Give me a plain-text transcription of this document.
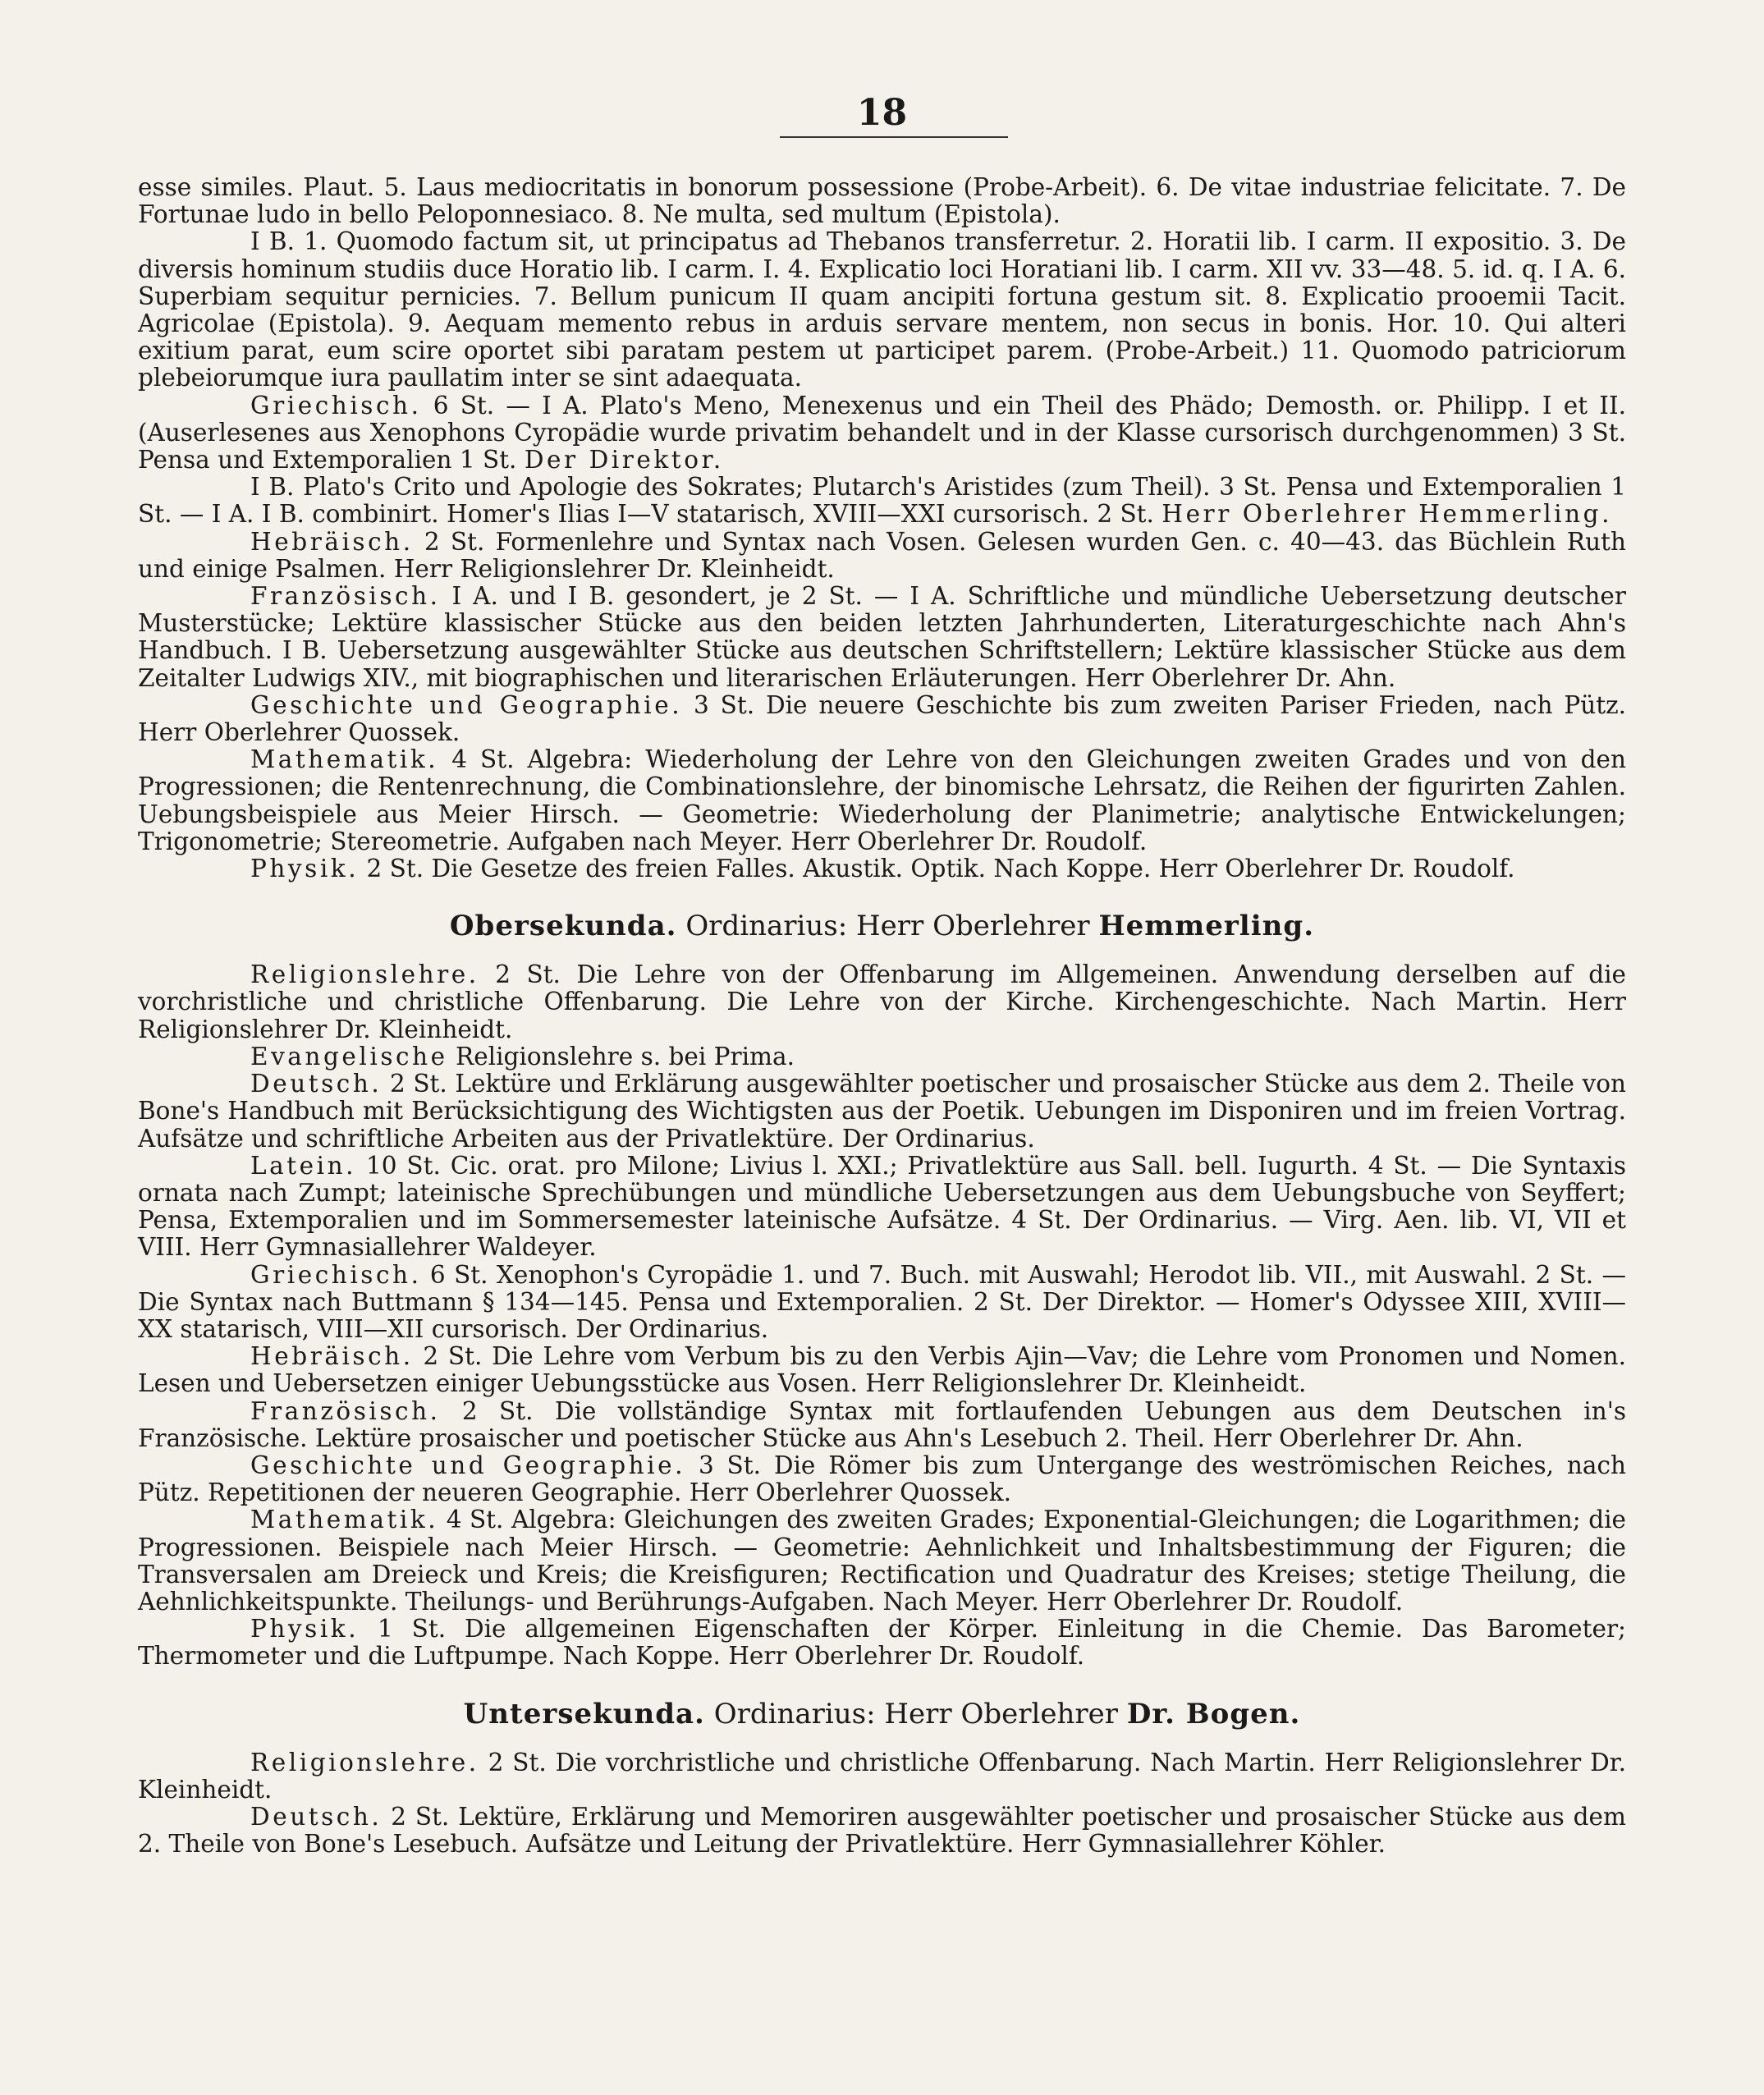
18

esse similes. Plaut. 5. Laus mediocritatis in bonorum possessione (Probe-Arbeit). 6. De vitae industriae felicitate. 7. De Fortunae ludo in bello Peloponnesiaco. 8. Ne multa, sed multum (Epistola).

I B. 1. Quomodo factum sit, ut principatus ad Thebanos transferretur. 2. Horatii lib. I carm. II expositio. 3. De diversis hominum studiis duce Horatio lib. I carm. I. 4. Explicatio loci Horatiani lib. I carm. XII vv. 33—48. 5. id. q. I A. 6. Superbiam sequitur pernicies. 7. Bellum punicum II quam ancipiti fortuna gestum sit. 8. Explicatio prooemii Tacit. Agricolae (Epistola). 9. Aequam memento rebus in arduis servare mentem, non secus in bonis. Hor. 10. Qui alteri exitium parat, eum scire oportet sibi paratam pestem ut participet parem. (Probe-Arbeit.) 11. Quomodo patriciorum plebeiorumque iura paullatim inter se sint adaequata.

Griechisch. 6 St. — I A. Plato's Meno, Menexenus und ein Theil des Phädo; Demosth. or. Philipp. I et II. (Auserlesenes aus Xenophons Cyropädie wurde privatim behandelt und in der Klasse cursorisch durchgenommen) 3 St. Pensa und Extemporalien 1 St. Der Direktor.

I B. Plato's Crito und Apologie des Sokrates; Plutarch's Aristides (zum Theil). 3 St. Pensa und Extemporalien 1 St. — I A. I B. combinirt. Homer's Ilias I—V statarisch, XVIII—XXI cursorisch. 2 St. Herr Oberlehrer Hemmerling.

Hebräisch. 2 St. Formenlehre und Syntax nach Vosen. Gelesen wurden Gen. c. 40—43. das Büchlein Ruth und einige Psalmen. Herr Religionslehrer Dr. Kleinheidt.

Französisch. I A. und I B. gesondert, je 2 St. — I A. Schriftliche und mündliche Uebersetzung deutscher Musterstücke; Lektüre klassischer Stücke aus den beiden letzten Jahrhunderten, Literaturgeschichte nach Ahn's Handbuch. I B. Uebersetzung ausgewählter Stücke aus deutschen Schriftstellern; Lektüre klassischer Stücke aus dem Zeitalter Ludwigs XIV., mit biographischen und literarischen Erläuterungen. Herr Oberlehrer Dr. Ahn.

Geschichte und Geographie. 3 St. Die neuere Geschichte bis zum zweiten Pariser Frieden, nach Pütz. Herr Oberlehrer Quossek.

Mathematik. 4 St. Algebra: Wiederholung der Lehre von den Gleichungen zweiten Grades und von den Progressionen; die Rentenrechnung, die Combinationslehre, der binomische Lehrsatz, die Reihen der figurirten Zahlen. Uebungsbeispiele aus Meier Hirsch. — Geometrie: Wiederholung der Planimetrie; analytische Entwickelungen; Trigonometrie; Stereometrie. Aufgaben nach Meyer. Herr Oberlehrer Dr. Roudolf.

Physik. 2 St. Die Gesetze des freien Falles. Akustik. Optik. Nach Koppe. Herr Oberlehrer Dr. Roudolf.

Obersekunda. Ordinarius: Herr Oberlehrer Hemmerling.

Religionslehre. 2 St. Die Lehre von der Offenbarung im Allgemeinen. Anwendung derselben auf die vorchristliche und christliche Offenbarung. Die Lehre von der Kirche. Kirchengeschichte. Nach Martin. Herr Religionslehrer Dr. Kleinheidt.

Evangelische Religionslehre s. bei Prima.

Deutsch. 2 St. Lektüre und Erklärung ausgewählter poetischer und prosaischer Stücke aus dem 2. Theile von Bone's Handbuch mit Berücksichtigung des Wichtigsten aus der Poetik. Uebungen im Disponiren und im freien Vortrag. Aufsätze und schriftliche Arbeiten aus der Privatlektüre. Der Ordinarius.

Latein. 10 St. Cic. orat. pro Milone; Livius l. XXI.; Privatlektüre aus Sall. bell. Iugurth. 4 St. — Die Syntaxis ornata nach Zumpt; lateinische Sprechübungen und mündliche Uebersetzungen aus dem Uebungsbuche von Seyffert; Pensa, Extemporalien und im Sommersemester lateinische Aufsätze. 4 St. Der Ordinarius. — Virg. Aen. lib. VI, VII et VIII. Herr Gymnasiallehrer Waldeyer.

Griechisch. 6 St. Xenophon's Cyropädie 1. und 7. Buch. mit Auswahl; Herodot lib. VII., mit Auswahl. 2 St. — Die Syntax nach Buttmann § 134—145. Pensa und Extemporalien. 2 St. Der Direktor. — Homer's Odyssee XIII, XVIII—XX statarisch, VIII—XII cursorisch. Der Ordinarius.

Hebräisch. 2 St. Die Lehre vom Verbum bis zu den Verbis Ajin—Vav; die Lehre vom Pronomen und Nomen. Lesen und Uebersetzen einiger Uebungsstücke aus Vosen. Herr Religionslehrer Dr. Kleinheidt.

Französisch. 2 St. Die vollständige Syntax mit fortlaufenden Uebungen aus dem Deutschen in's Französische. Lektüre prosaischer und poetischer Stücke aus Ahn's Lesebuch 2. Theil. Herr Oberlehrer Dr. Ahn.

Geschichte und Geographie. 3 St. Die Römer bis zum Untergange des weströmischen Reiches, nach Pütz. Repetitionen der neueren Geographie. Herr Oberlehrer Quossek.

Mathematik. 4 St. Algebra: Gleichungen des zweiten Grades; Exponential-Gleichungen; die Logarithmen; die Progressionen. Beispiele nach Meier Hirsch. — Geometrie: Aehnlichkeit und Inhaltsbestimmung der Figuren; die Transversalen am Dreieck und Kreis; die Kreisfiguren; Rectification und Quadratur des Kreises; stetige Theilung, die Aehnlichkeitspunkte. Theilungs- und Berührungs-Aufgaben. Nach Meyer. Herr Oberlehrer Dr. Roudolf.

Physik. 1 St. Die allgemeinen Eigenschaften der Körper. Einleitung in die Chemie. Das Barometer; Thermometer und die Luftpumpe. Nach Koppe. Herr Oberlehrer Dr. Roudolf.

Untersekunda. Ordinarius: Herr Oberlehrer Dr. Bogen.

Religionslehre. 2 St. Die vorchristliche und christliche Offenbarung. Nach Martin. Herr Religionslehrer Dr. Kleinheidt.

Deutsch. 2 St. Lektüre, Erklärung und Memoriren ausgewählter poetischer und prosaischer Stücke aus dem 2. Theile von Bone's Lesebuch. Aufsätze und Leitung der Privatlektüre. Herr Gymnasiallehrer Köhler.
